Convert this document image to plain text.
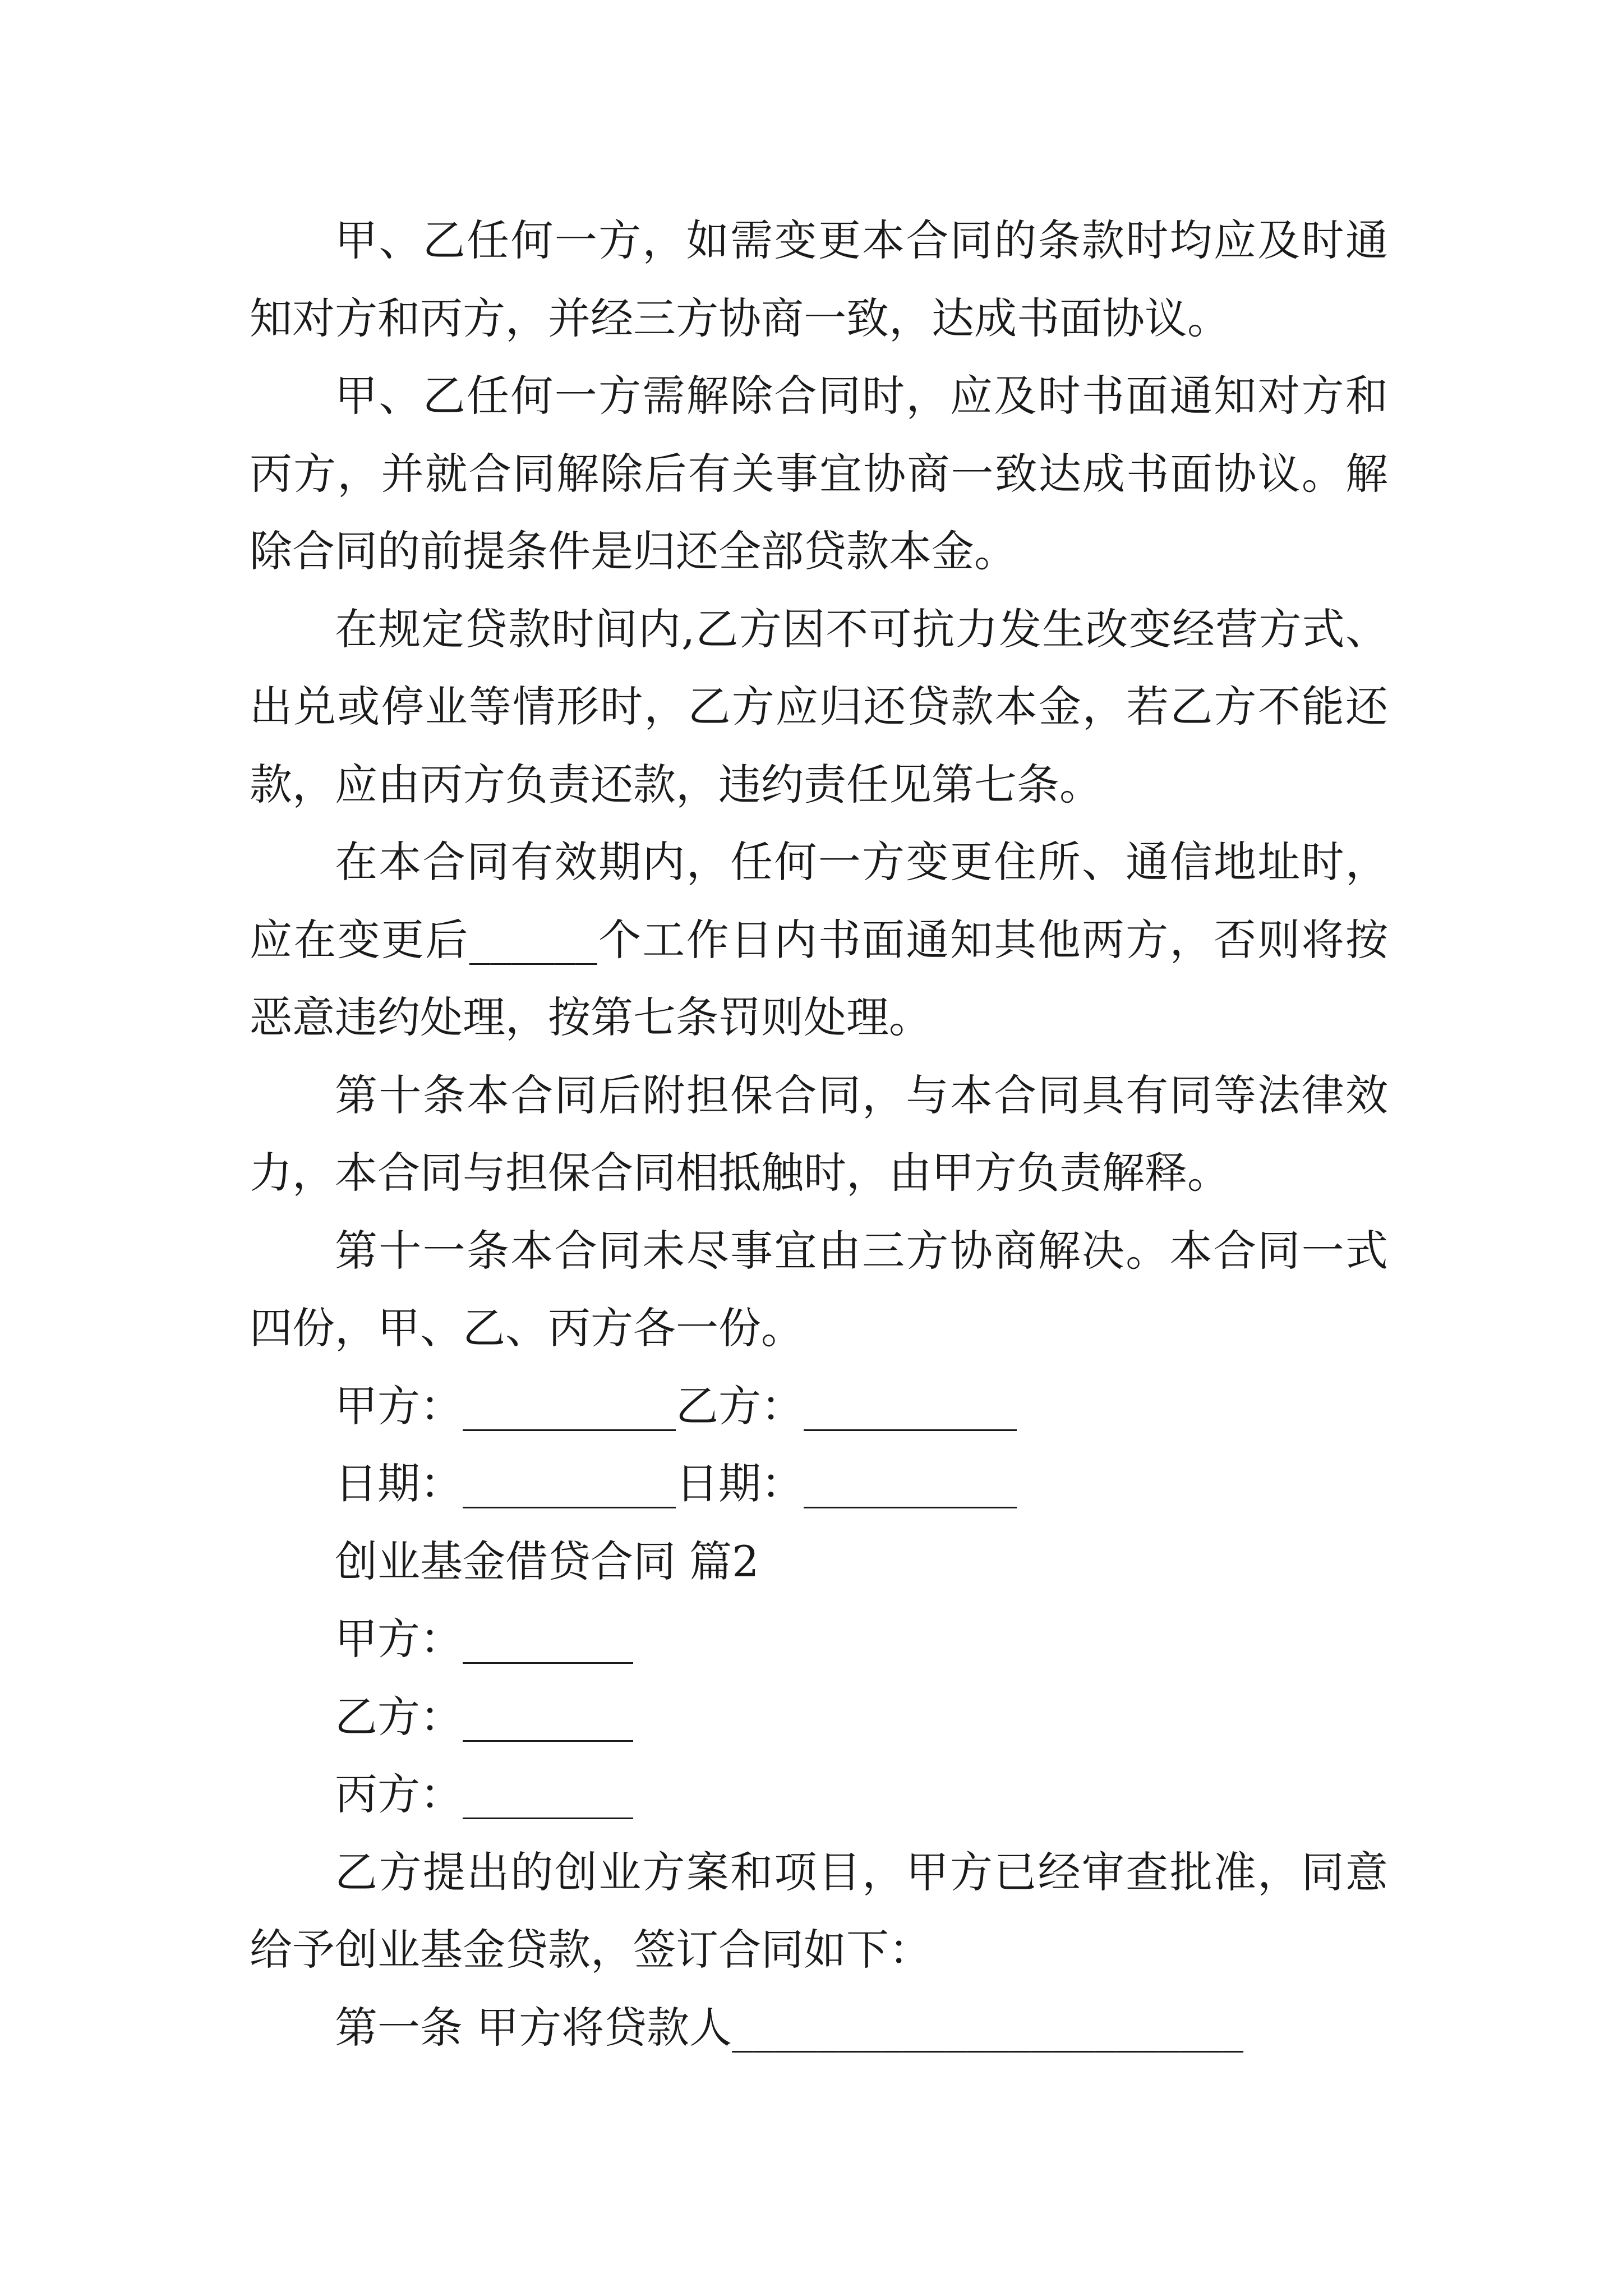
甲、乙任何一方，如需变更本合同的条款时均应及时通知对方和丙方，并经三方协商一致，达成书面协议。

甲、乙任何一方需解除合同时，应及时书面通知对方和丙方，并就合同解除后有关事宜协商一致达成书面协议。解除合同的前提条件是归还全部贷款本金。

在规定贷款时间内,乙方因不可抗力发生改变经营方式、出兑或停业等情形时，乙方应归还贷款本金，若乙方不能还款，应由丙方负责还款，违约责任见第七条。

在本合同有效期内，任何一方变更住所、通信地址时，应在变更后______个工作日内书面通知其他两方，否则将按恶意违约处理，按第七条罚则处理。

第十条本合同后附担保合同，与本合同具有同等法律效力，本合同与担保合同相抵触时，由甲方负责解释。

第十一条本合同未尽事宜由三方协商解决。本合同一式四份，甲、乙、丙方各一份。

甲方：__________乙方：__________

日期：__________日期：__________

创业基金借贷合同 篇2

甲方：________

乙方：________

丙方：________

乙方提出的创业方案和项目，甲方已经审查批准，同意给予创业基金贷款，签订合同如下：

第一条 甲方将贷款人________________________
